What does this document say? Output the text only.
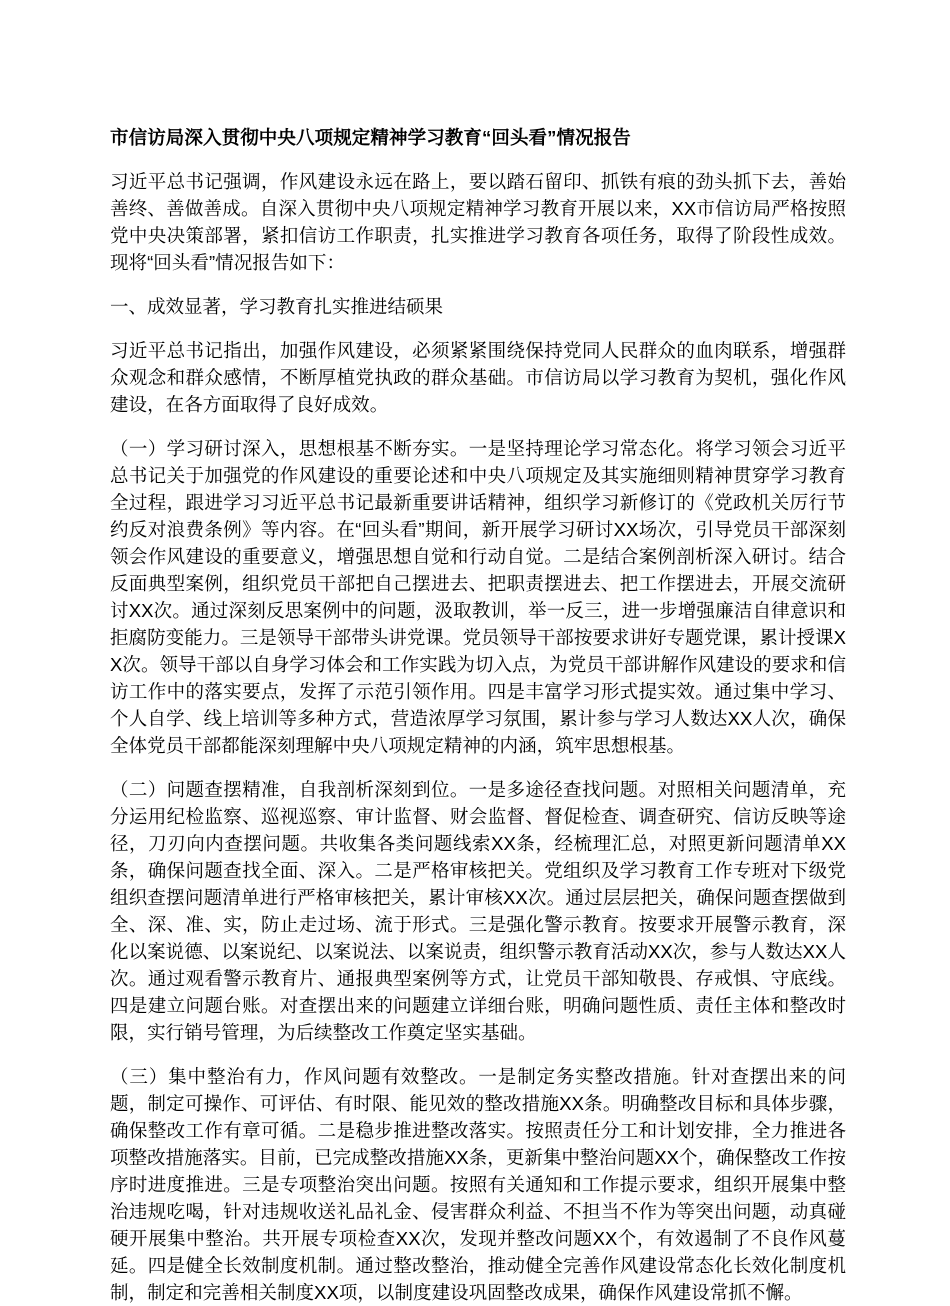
市信访局深入贯彻中央八项规定精神学习教育“回头看”情况报告

习近平总书记强调，作风建设永远在路上，要以踏石留印、抓铁有痕的劲头抓下去，善始善终、善做善成。自深入贯彻中央八项规定精神学习教育开展以来，XX市信访局严格按照党中央决策部署，紧扣信访工作职责，扎实推进学习教育各项任务，取得了阶段性成效。现将“回头看”情况报告如下：

一、成效显著，学习教育扎实推进结硕果

习近平总书记指出，加强作风建设，必须紧紧围绕保持党同人民群众的血肉联系，增强群众观念和群众感情，不断厚植党执政的群众基础。市信访局以学习教育为契机，强化作风建设，在各方面取得了良好成效。

（一）学习研讨深入，思想根基不断夯实。一是坚持理论学习常态化。将学习领会习近平总书记关于加强党的作风建设的重要论述和中央八项规定及其实施细则精神贯穿学习教育全过程，跟进学习习近平总书记最新重要讲话精神，组织学习新修订的《党政机关厉行节约反对浪费条例》等内容。在“回头看”期间，新开展学习研讨XX场次，引导党员干部深刻领会作风建设的重要意义，增强思想自觉和行动自觉。二是结合案例剖析深入研讨。结合反面典型案例，组织党员干部把自己摆进去、把职责摆进去、把工作摆进去，开展交流研讨XX次。通过深刻反思案例中的问题，汲取教训，举一反三，进一步增强廉洁自律意识和拒腐防变能力。三是领导干部带头讲党课。党员领导干部按要求讲好专题党课，累计授课XX次。领导干部以自身学习体会和工作实践为切入点，为党员干部讲解作风建设的要求和信访工作中的落实要点，发挥了示范引领作用。四是丰富学习形式提实效。通过集中学习、个人自学、线上培训等多种方式，营造浓厚学习氛围，累计参与学习人数达XX人次，确保全体党员干部都能深刻理解中央八项规定精神的内涵，筑牢思想根基。

（二）问题查摆精准，自我剖析深刻到位。一是多途径查找问题。对照相关问题清单，充分运用纪检监察、巡视巡察、审计监督、财会监督、督促检查、调查研究、信访反映等途径，刀刃向内查摆问题。共收集各类问题线索XX条，经梳理汇总，对照更新问题清单XX条，确保问题查找全面、深入。二是严格审核把关。党组织及学习教育工作专班对下级党组织查摆问题清单进行严格审核把关，累计审核XX次。通过层层把关，确保问题查摆做到全、深、准、实，防止走过场、流于形式。三是强化警示教育。按要求开展警示教育，深化以案说德、以案说纪、以案说法、以案说责，组织警示教育活动XX次，参与人数达XX人次。通过观看警示教育片、通报典型案例等方式，让党员干部知敬畏、存戒惧、守底线。四是建立问题台账。对查摆出来的问题建立详细台账，明确问题性质、责任主体和整改时限，实行销号管理，为后续整改工作奠定坚实基础。

（三）集中整治有力，作风问题有效整改。一是制定务实整改措施。针对查摆出来的问题，制定可操作、可评估、有时限、能见效的整改措施XX条。明确整改目标和具体步骤，确保整改工作有章可循。二是稳步推进整改落实。按照责任分工和计划安排，全力推进各项整改措施落实。目前，已完成整改措施XX条，更新集中整治问题XX个，确保整改工作按序时进度推进。三是专项整治突出问题。按照有关通知和工作提示要求，组织开展集中整治违规吃喝，针对违规收送礼品礼金、侵害群众利益、不担当不作为等突出问题，动真碰硬开展集中整治。共开展专项检查XX次，发现并整改问题XX个，有效遏制了不良作风蔓延。四是健全长效制度机制。通过整改整治，推动健全完善作风建设常态化长效化制度机制，制定和完善相关制度XX项，以制度建设巩固整改成果，确保作风建设常抓不懈。
